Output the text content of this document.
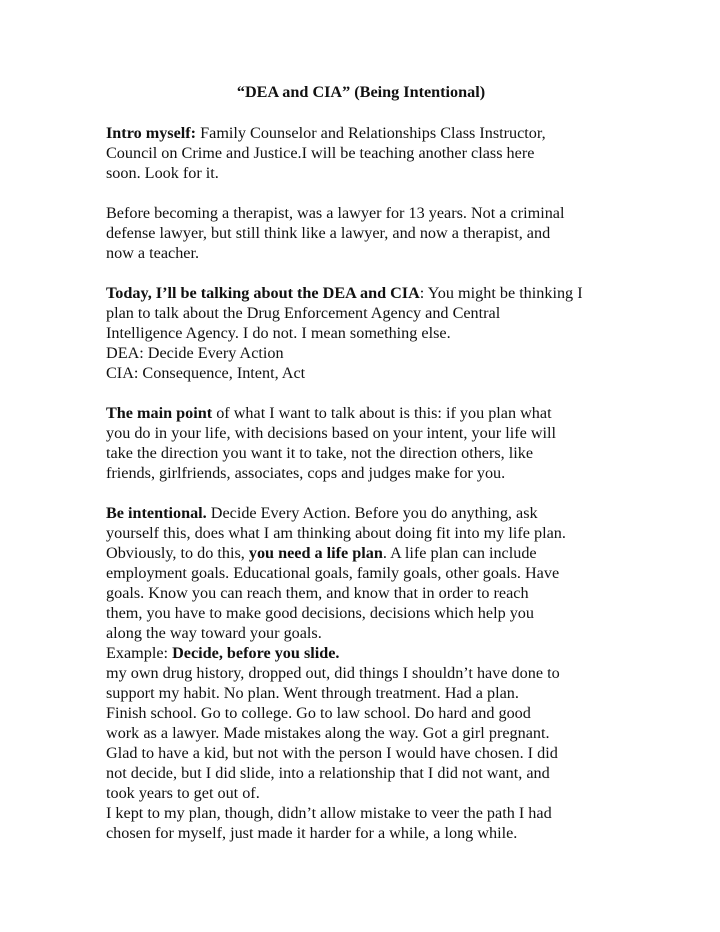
“DEA and CIA” (Being Intentional)
Intro myself: Family Counselor and Relationships Class Instructor,
Council on Crime and Justice.I will be teaching another class here
soon. Look for it.
Before becoming a therapist, was a lawyer for 13 years. Not a criminal
defense lawyer, but still think like a lawyer, and now a therapist, and
now a teacher.
Today, I’ll be talking about the DEA and CIA: You might be thinking I
plan to talk about the Drug Enforcement Agency and Central
Intelligence Agency. I do not. I mean something else.
DEA: Decide Every Action
CIA: Consequence, Intent, Act
The main point of what I want to talk about is this: if you plan what
you do in your life, with decisions based on your intent, your life will
take the direction you want it to take, not the direction others, like
friends, girlfriends, associates, cops and judges make for you.
Be intentional. Decide Every Action. Before you do anything, ask
yourself this, does what I am thinking about doing fit into my life plan.
Obviously, to do this, you need a life plan. A life plan can include
employment goals. Educational goals, family goals, other goals. Have
goals. Know you can reach them, and know that in order to reach
them, you have to make good decisions, decisions which help you
along the way toward your goals.
Example: Decide, before you slide.
my own drug history, dropped out, did things I shouldn’t have done to
support my habit. No plan. Went through treatment. Had a plan.
Finish school. Go to college. Go to law school. Do hard and good
work as a lawyer. Made mistakes along the way. Got a girl pregnant.
Glad to have a kid, but not with the person I would have chosen. I did
not decide, but I did slide, into a relationship that I did not want, and
took years to get out of.
I kept to my plan, though, didn’t allow mistake to veer the path I had
chosen for myself, just made it harder for a while, a long while.
